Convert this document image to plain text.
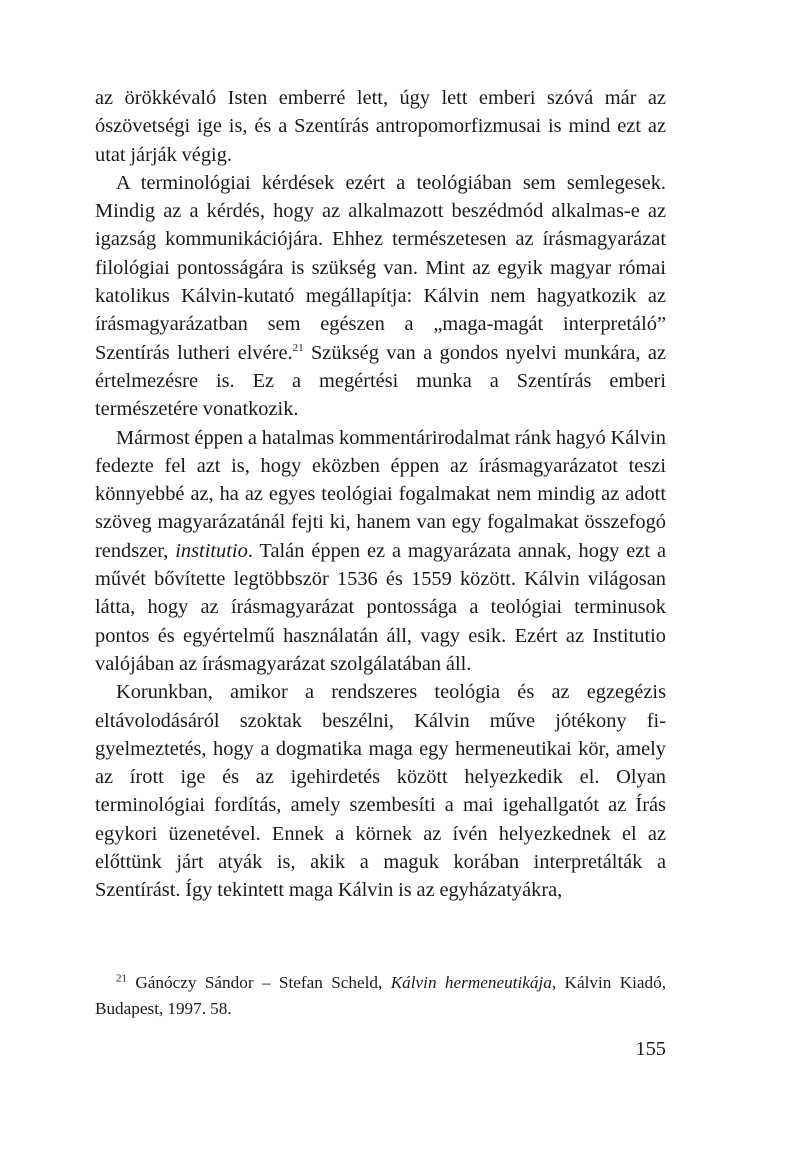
az örökkévaló Isten emberré lett, úgy lett emberi szóvá már az ószövetségi ige is, és a Szentírás antropomorfizmusai is mind ezt az utat járják végig.

A terminológiai kérdések ezért a teológiában sem semlegesek. Mindig az a kérdés, hogy az alkalmazott beszédmód alkalmas-e az igazság kommunikációjára. Ehhez természetesen az írásmagyarázat filológiai pontosságára is szükség van. Mint az egyik magyar római katolikus Kálvin-kutató megállapítja: Kálvin nem hagyatkozik az írásmagyarázatban sem egészen a „maga-magát interpretáló” Szentírás lutheri elvére.$^{21}$ Szükség van a gondos nyelvi munkára, az értelmezésre is. Ez a megértési munka a Szentírás emberi természetére vonatkozik.

Mármost éppen a hatalmas kommentárirodalmat ránk hagyó Kálvin fedezte fel azt is, hogy eközben éppen az írásmagyarázatot teszi könnyebbé az, ha az egyes teológiai fogalmakat nem mindig az adott szöveg magyarázatánál fejti ki, hanem van egy fogalmakat összefogó rendszer, institutio. Talán éppen ez a magyarázata annak, hogy ezt a művét bővítette legtöbbször 1536 és 1559 között. Kálvin világosan látta, hogy az írásmagyarázat pontossága a teológiai terminusok pontos és egyértelmű használatán áll, vagy esik. Ezért az Institutio valójában az írásmagyarázat szolgálatában áll.

Korunkban, amikor a rendszeres teológia és az egzegézis eltávolodásáról szoktak beszélni, Kálvin műve jótékony figyelmeztetés, hogy a dogmatika maga egy hermeneutikai kör, amely az írott ige és az igehirdetés között helyezkedik el. Olyan terminológiai fordítás, amely szembesíti a mai igehallgatót az Írás egykori üzenetével. Ennek a körnek az ívén helyezkednek el az előttünk járt atyák is, akik a maguk korában interpretálták a Szentírást. Így tekintett maga Kálvin is az egyházatyákra,

$^{21}$ Gánóczy Sándor – Stefan Scheld, Kálvin hermeneutikája, Kálvin Kiadó, Budapest, 1997. 58.

155
